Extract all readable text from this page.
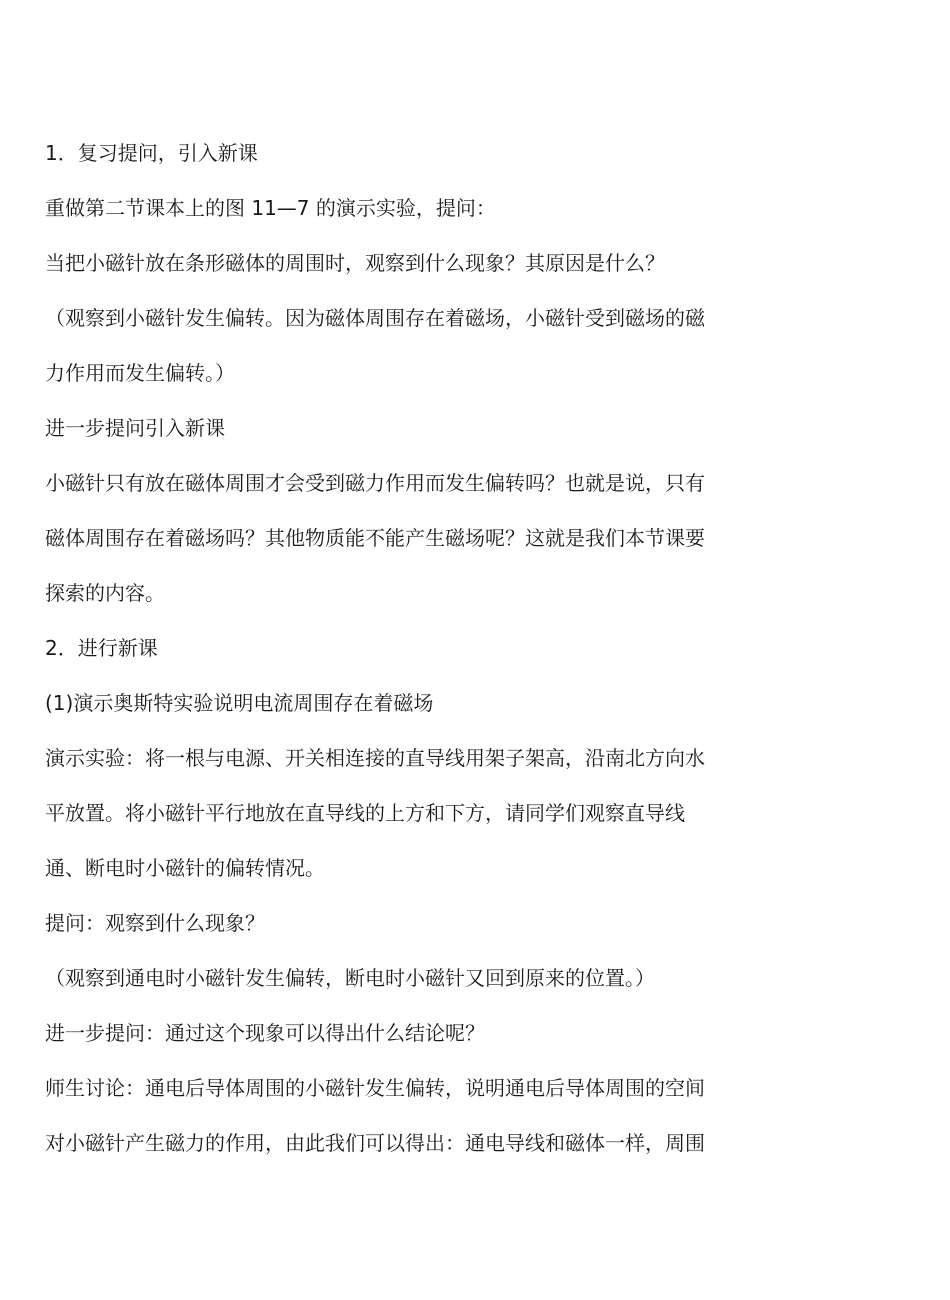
1．复习提问，引入新课
重做第二节课本上的图 11—7 的演示实验，提问：
当把小磁针放在条形磁体的周围时，观察到什么现象？其原因是什么？
（观察到小磁针发生偏转。因为磁体周围存在着磁场，小磁针受到磁场的磁
力作用而发生偏转。）
进一步提问引入新课
小磁针只有放在磁体周围才会受到磁力作用而发生偏转吗？也就是说，只有
磁体周围存在着磁场吗？其他物质能不能产生磁场呢？这就是我们本节课要
探索的内容。
2．进行新课
(1)演示奥斯特实验说明电流周围存在着磁场
演示实验：将一根与电源、开关相连接的直导线用架子架高，沿南北方向水
平放置。将小磁针平行地放在直导线的上方和下方，请同学们观察直导线
通、断电时小磁针的偏转情况。
提问：观察到什么现象？
（观察到通电时小磁针发生偏转，断电时小磁针又回到原来的位置。）
进一步提问：通过这个现象可以得出什么结论呢？
师生讨论：通电后导体周围的小磁针发生偏转，说明通电后导体周围的空间
对小磁针产生磁力的作用，由此我们可以得出：通电导线和磁体一样，周围
